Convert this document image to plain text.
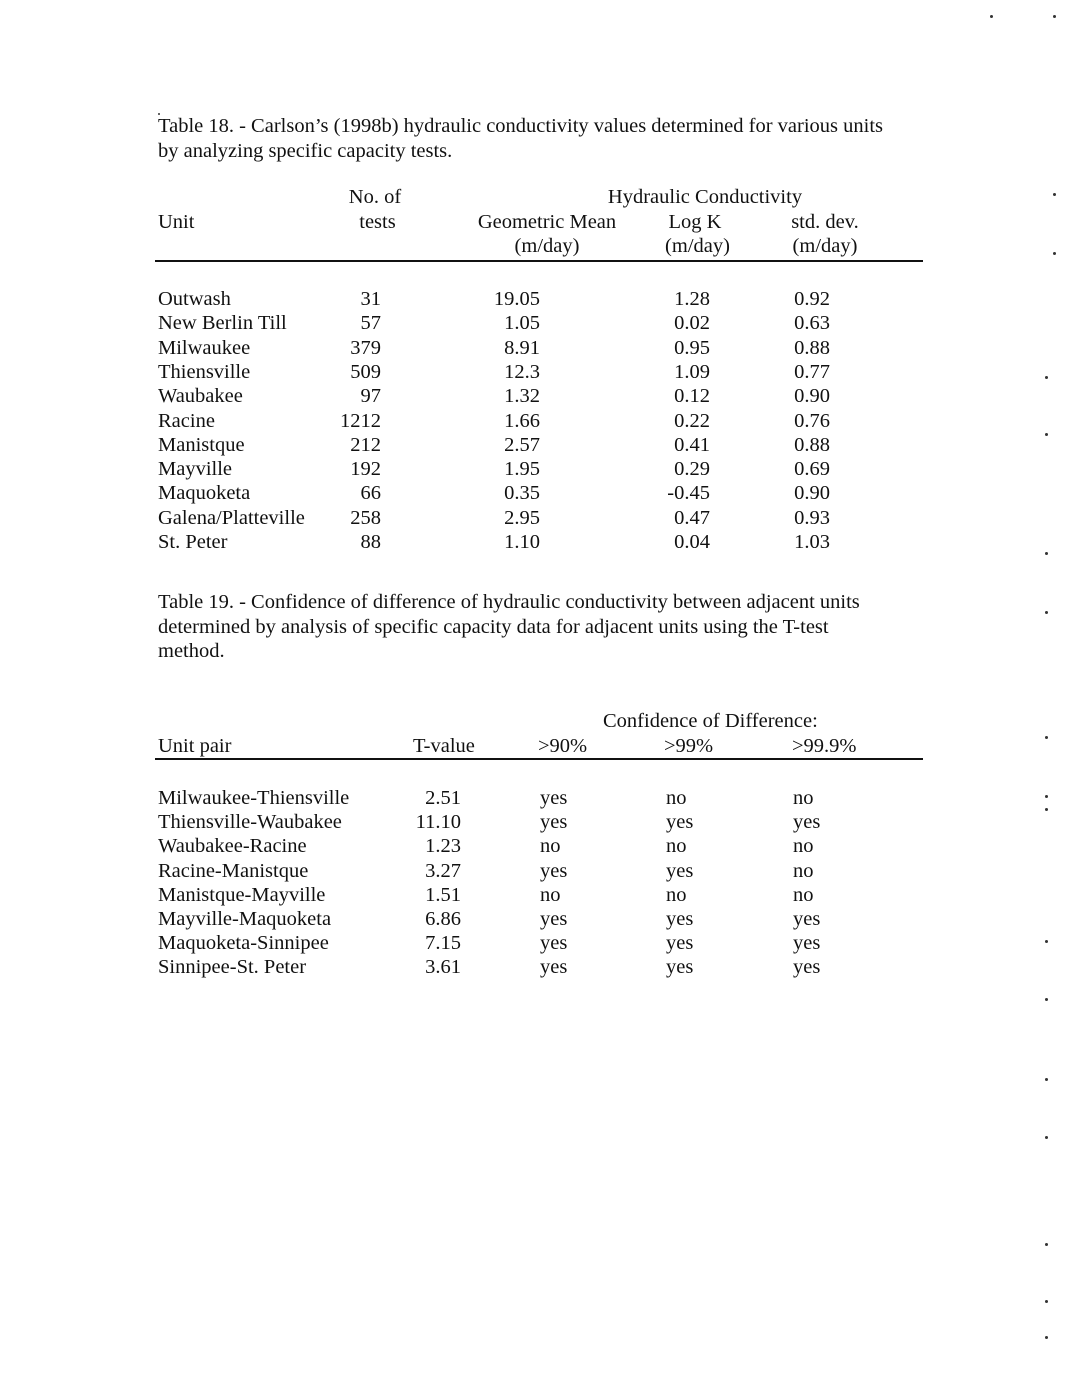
Table 18. - Carlson’s (1998b) hydraulic conductivity values determined for various units
by analyzing specific capacity tests.
No. of	Hydraulic Conductivity
Unit	tests	Geometric Mean	Log K	std. dev.
(m/day)	(m/day)	(m/day)
Outwash	31	19.05	1.28	0.92
New Berlin Till	57	1.05	0.02	0.63
Milwaukee	379	8.91	0.95	0.88
Thiensville	509	12.3	1.09	0.77
Waubakee	97	1.32	0.12	0.90
Racine	1212	1.66	0.22	0.76
Manistque	212	2.57	0.41	0.88
Mayville	192	1.95	0.29	0.69
Maquoketa	66	0.35	-0.45	0.90
Galena/Platteville	258	2.95	0.47	0.93
St. Peter	88	1.10	0.04	1.03
Table 19. - Confidence of difference of hydraulic conductivity between adjacent units
determined by analysis of specific capacity data for adjacent units using the T-test
method.
Confidence of Difference:
Unit pair	T-value	>90%	>99%	>99.9%
Milwaukee-Thiensville	2.51	yes	no	no
Thiensville-Waubakee	11.10	yes	yes	yes
Waubakee-Racine	1.23	no	no	no
Racine-Manistque	3.27	yes	yes	no
Manistque-Mayville	1.51	no	no	no
Mayville-Maquoketa	6.86	yes	yes	yes
Maquoketa-Sinnipee	7.15	yes	yes	yes
Sinnipee-St. Peter	3.61	yes	yes	yes
